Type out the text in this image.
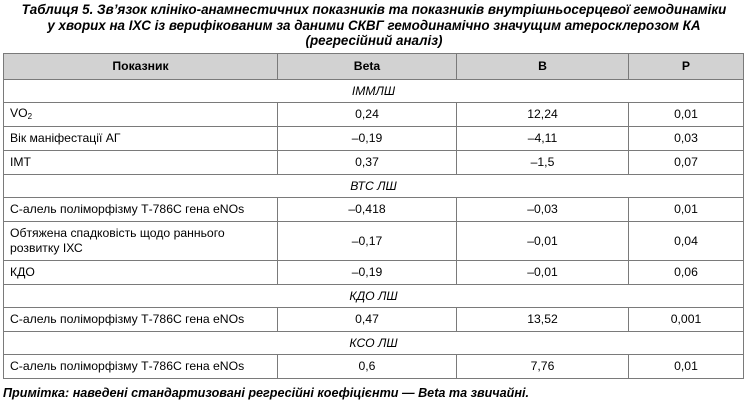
Таблиця 5. Зв’язок клініко-анамнестичних показників та показників внутрішньосерцевої гемодинаміки
у хворих на ІХС із верифікованим за даними СКВГ гемодинамічно значущим атеросклерозом КА
(регресійний аналіз)
Показник	Beta	B	P
ІММЛШ			
$VO_2$	0,24	12,24	0,01
Вік маніфестації АГ	–0,19	–4,11	0,03
ІМТ	0,37	–1,5	0,07
ВТС ЛШ			
С-алель поліморфізму Т-786С гена eNOs	–0,418	–0,03	0,01
Обтяжена спадковість щодо раннього розвитку ІХС	–0,17	–0,01	0,04
КДО	–0,19	–0,01	0,06
КДО ЛШ			
С-алель поліморфізму Т-786С гена eNOs	0,47	13,52	0,001
КСО ЛШ			
С-алель поліморфізму Т-786С гена eNOs	0,6	7,76	0,01
Примітка: наведені стандартизовані регресійні коефіцієнти — Beta та звичайні.
